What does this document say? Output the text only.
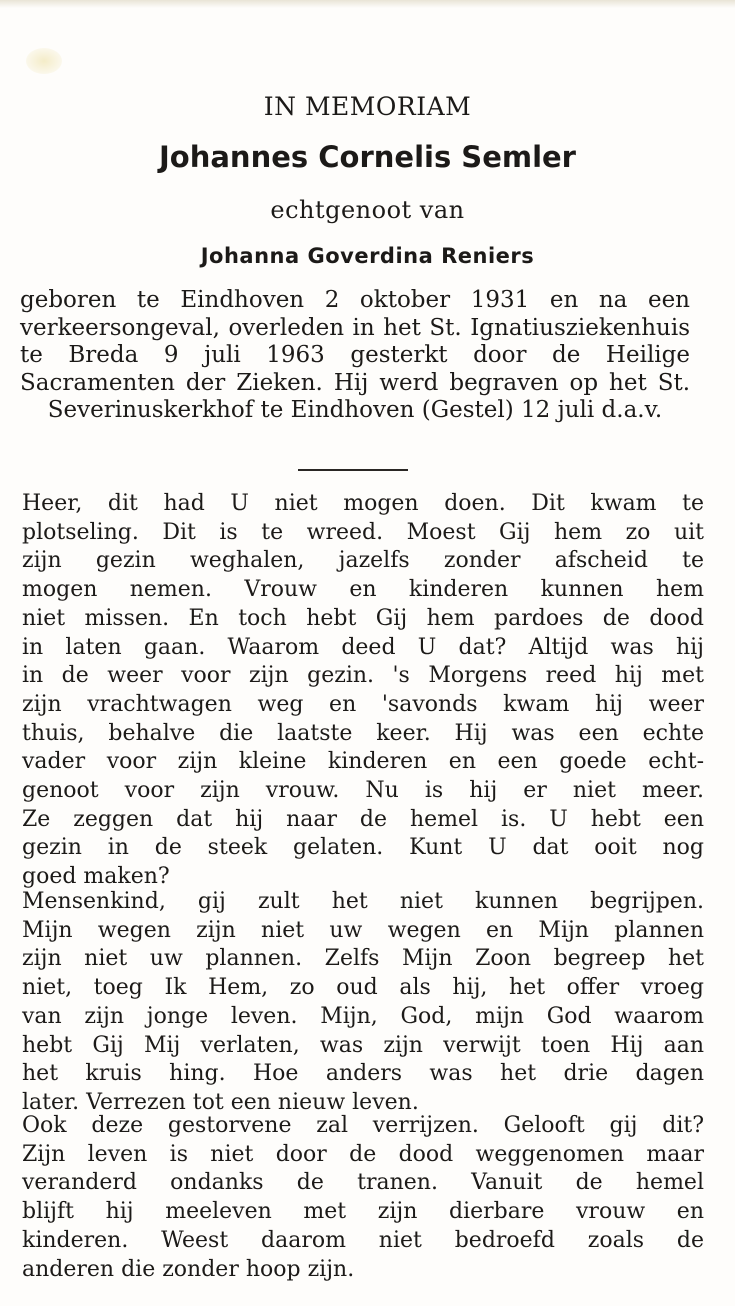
IN MEMORIAM
Johannes Cornelis Semler
echtgenoot van
Johanna Goverdina Reniers
geboren te Eindhoven 2 oktober 1931 en na een verkeersongeval, overleden in het St. Ignatiusziekenhuis te Breda 9 juli 1963 gesterkt door de Heilige Sacramenten der Zieken. Hij werd begraven op het St. Severinuskerkhof te Eindhoven (Gestel) 12 juli d.a.v.
Heer, dit had U niet mogen doen. Dit kwam te
plotseling. Dit is te wreed. Moest Gij hem zo uit
zijn gezin weghalen, jazelfs zonder afscheid te
mogen nemen. Vrouw en kinderen kunnen hem
niet missen. En toch hebt Gij hem pardoes de dood
in laten gaan. Waarom deed U dat? Altijd was hij
in de weer voor zijn gezin. 's Morgens reed hij met
zijn vrachtwagen weg en 'savonds kwam hij weer
thuis, behalve die laatste keer. Hij was een echte
vader voor zijn kleine kinderen en een goede echt-
genoot voor zijn vrouw. Nu is hij er niet meer.
Ze zeggen dat hij naar de hemel is. U hebt een
gezin in de steek gelaten. Kunt U dat ooit nog
goed maken?
Mensenkind, gij zult het niet kunnen begrijpen.
Mijn wegen zijn niet uw wegen en Mijn plannen
zijn niet uw plannen. Zelfs Mijn Zoon begreep het
niet, toeg Ik Hem, zo oud als hij, het offer vroeg
van zijn jonge leven. Mijn, God, mijn God waarom
hebt Gij Mij verlaten, was zijn verwijt toen Hij aan
het kruis hing. Hoe anders was het drie dagen
later. Verrezen tot een nieuw leven.
Ook deze gestorvene zal verrijzen. Gelooft gij dit?
Zijn leven is niet door de dood weggenomen maar
veranderd ondanks de tranen. Vanuit de hemel
blijft hij meeleven met zijn dierbare vrouw en
kinderen. Weest daarom niet bedroefd zoals de
anderen die zonder hoop zijn.
